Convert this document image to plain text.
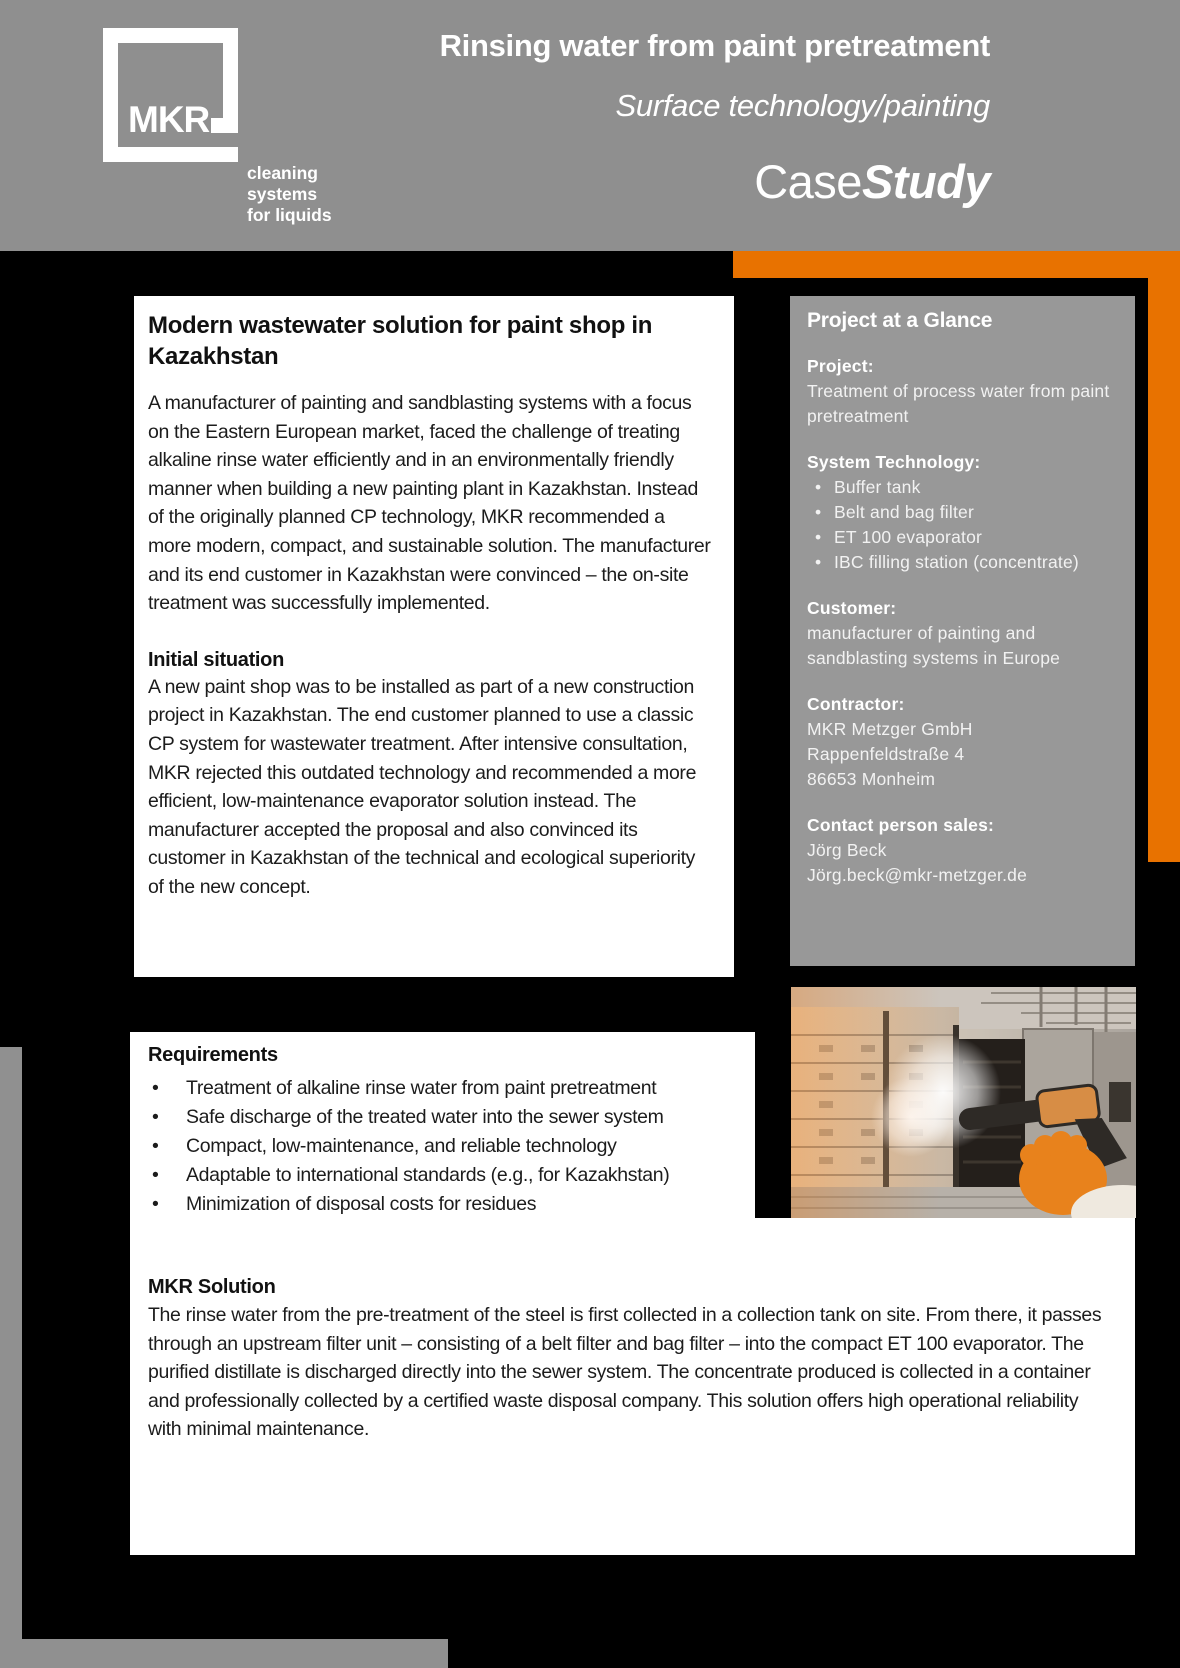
MKR
cleaning
systems
for liquids
Rinsing water from paint pretreatment
Surface technology/painting
CaseStudy
Modern wastewater solution for paint shop in Kazakhstan

A manufacturer of painting and sandblasting systems with a focus on the Eastern European market, faced the challenge of treating alkaline rinse water efficiently and in an environmentally friendly manner when building a new painting plant in Kazakhstan. Instead of the originally planned CP technology, MKR recommended a more modern, compact, and sustainable solution. The manufacturer and its end customer in Kazakhstan were convinced – the on-site treatment was successfully implemented.

Initial situation

A new paint shop was to be installed as part of a new construction project in Kazakhstan. The end customer planned to use a classic CP system for wastewater treatment. After intensive consultation, MKR rejected this outdated technology and recommended a more efficient, low-maintenance evaporator solution instead. The manufacturer accepted the proposal and also convinced its customer in Kazakhstan of the technical and ecological superiority of the new concept.

Project at a Glance
Project:
Treatment of process water from paint pretreatment
System Technology:
• Buffer tank
• Belt and bag filter
• ET 100 evaporator
• IBC filling station (concentrate)
Customer:
manufacturer of painting and sandblasting systems in Europe
Contractor:
MKR Metzger GmbH
Rappenfeldstraße 4
86653 Monheim
Contact person sales:
Jörg Beck
Jörg.beck@mkr-metzger.de
Requirements
• Treatment of alkaline rinse water from paint pretreatment
• Safe discharge of the treated water into the sewer system
• Compact, low-maintenance, and reliable technology
• Adaptable to international standards (e.g., for Kazakhstan)
• Minimization of disposal costs for residues
MKR Solution

The rinse water from the pre-treatment of the steel is first collected in a collection tank on site. From there, it passes through an upstream filter unit – consisting of a belt filter and bag filter – into the compact ET 100 evaporator. The purified distillate is discharged directly into the sewer system. The concentrate produced is collected in a container and professionally collected by a certified waste disposal company. This solution offers high operational reliability with minimal maintenance.
